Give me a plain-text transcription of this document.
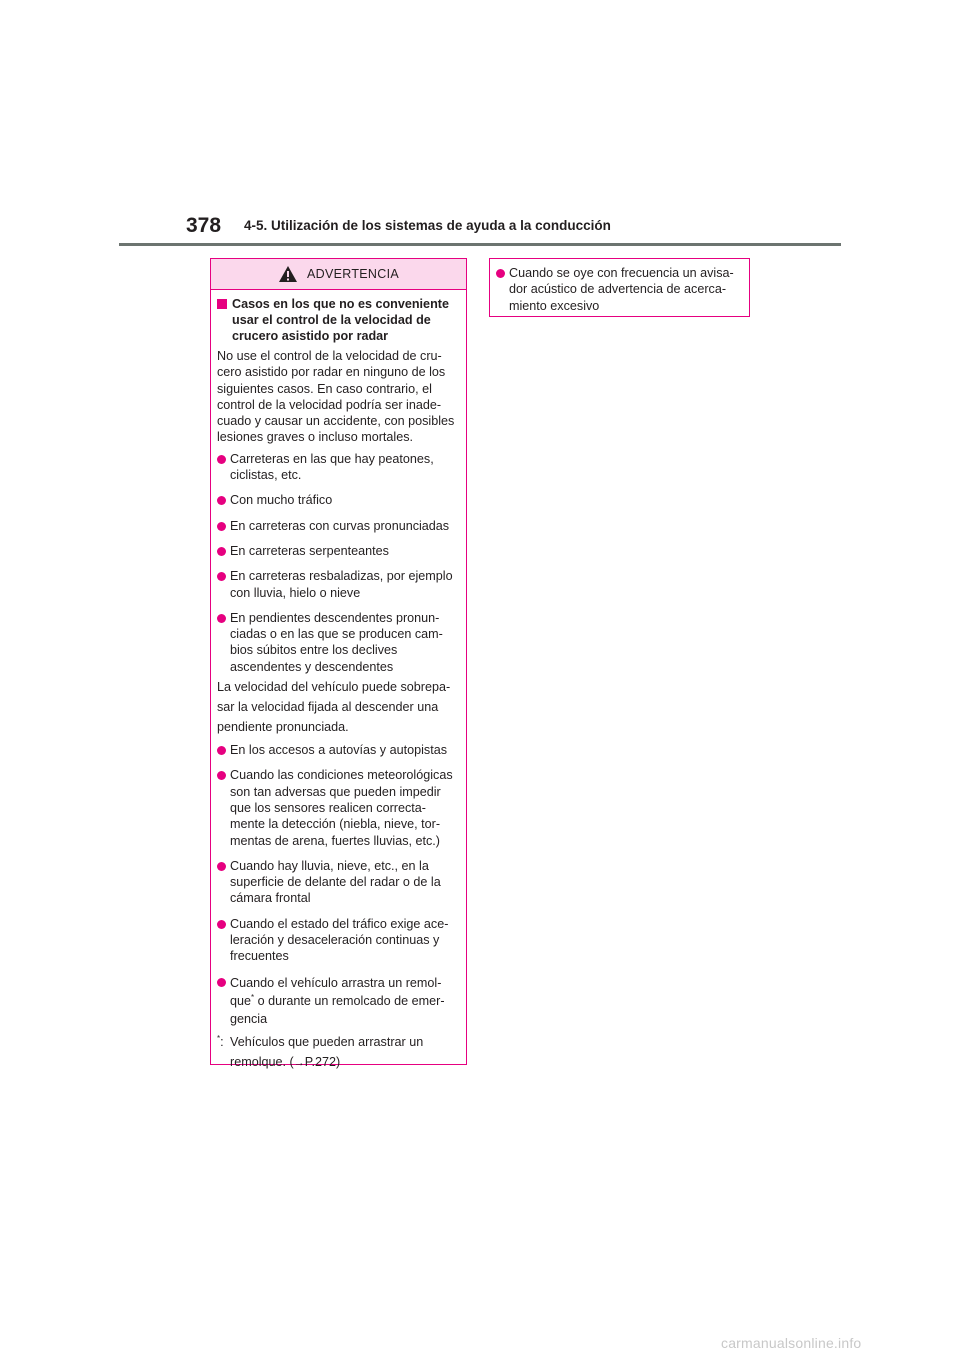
378 4-5. Utilización de los sistemas de ayuda a la conducción
ADVERTENCIA
Casos en los que no es conveniente usar el control de la velocidad de crucero asistido por radar
No use el control de la velocidad de cru- cero asistido por radar en ninguno de los siguientes casos. En caso contrario, el control de la velocidad podría ser inade- cuado y causar un accidente, con posibles lesiones graves o incluso mortales.
Carreteras en las que hay peatones, ciclistas, etc.
Con mucho tráfico
En carreteras con curvas pronunciadas
En carreteras serpenteantes
En carreteras resbaladizas, por ejemplo con lluvia, hielo o nieve
En pendientes descendentes pronun- ciadas o en las que se producen cam- bios súbitos entre los declives ascendentes y descendentes
La velocidad del vehículo puede sobrepa- sar la velocidad fijada al descender una pendiente pronunciada.
En los accesos a autovías y autopistas
Cuando las condiciones meteorológicas son tan adversas que pueden impedir que los sensores realicen correcta- mente la detección (niebla, nieve, tor- mentas de arena, fuertes lluvias, etc.)
Cuando hay lluvia, nieve, etc., en la superficie de delante del radar o de la cámara frontal
Cuando el estado del tráfico exige ace- leración y desaceleración continuas y frecuentes
Cuando el vehículo arrastra un remol- que* o durante un remolcado de emer- gencia
*: Vehículos que pueden arrastrar un remolque. (→P.272)
Cuando se oye con frecuencia un avisa- dor acústico de advertencia de acerca- miento excesivo
carmanualsonline.info
